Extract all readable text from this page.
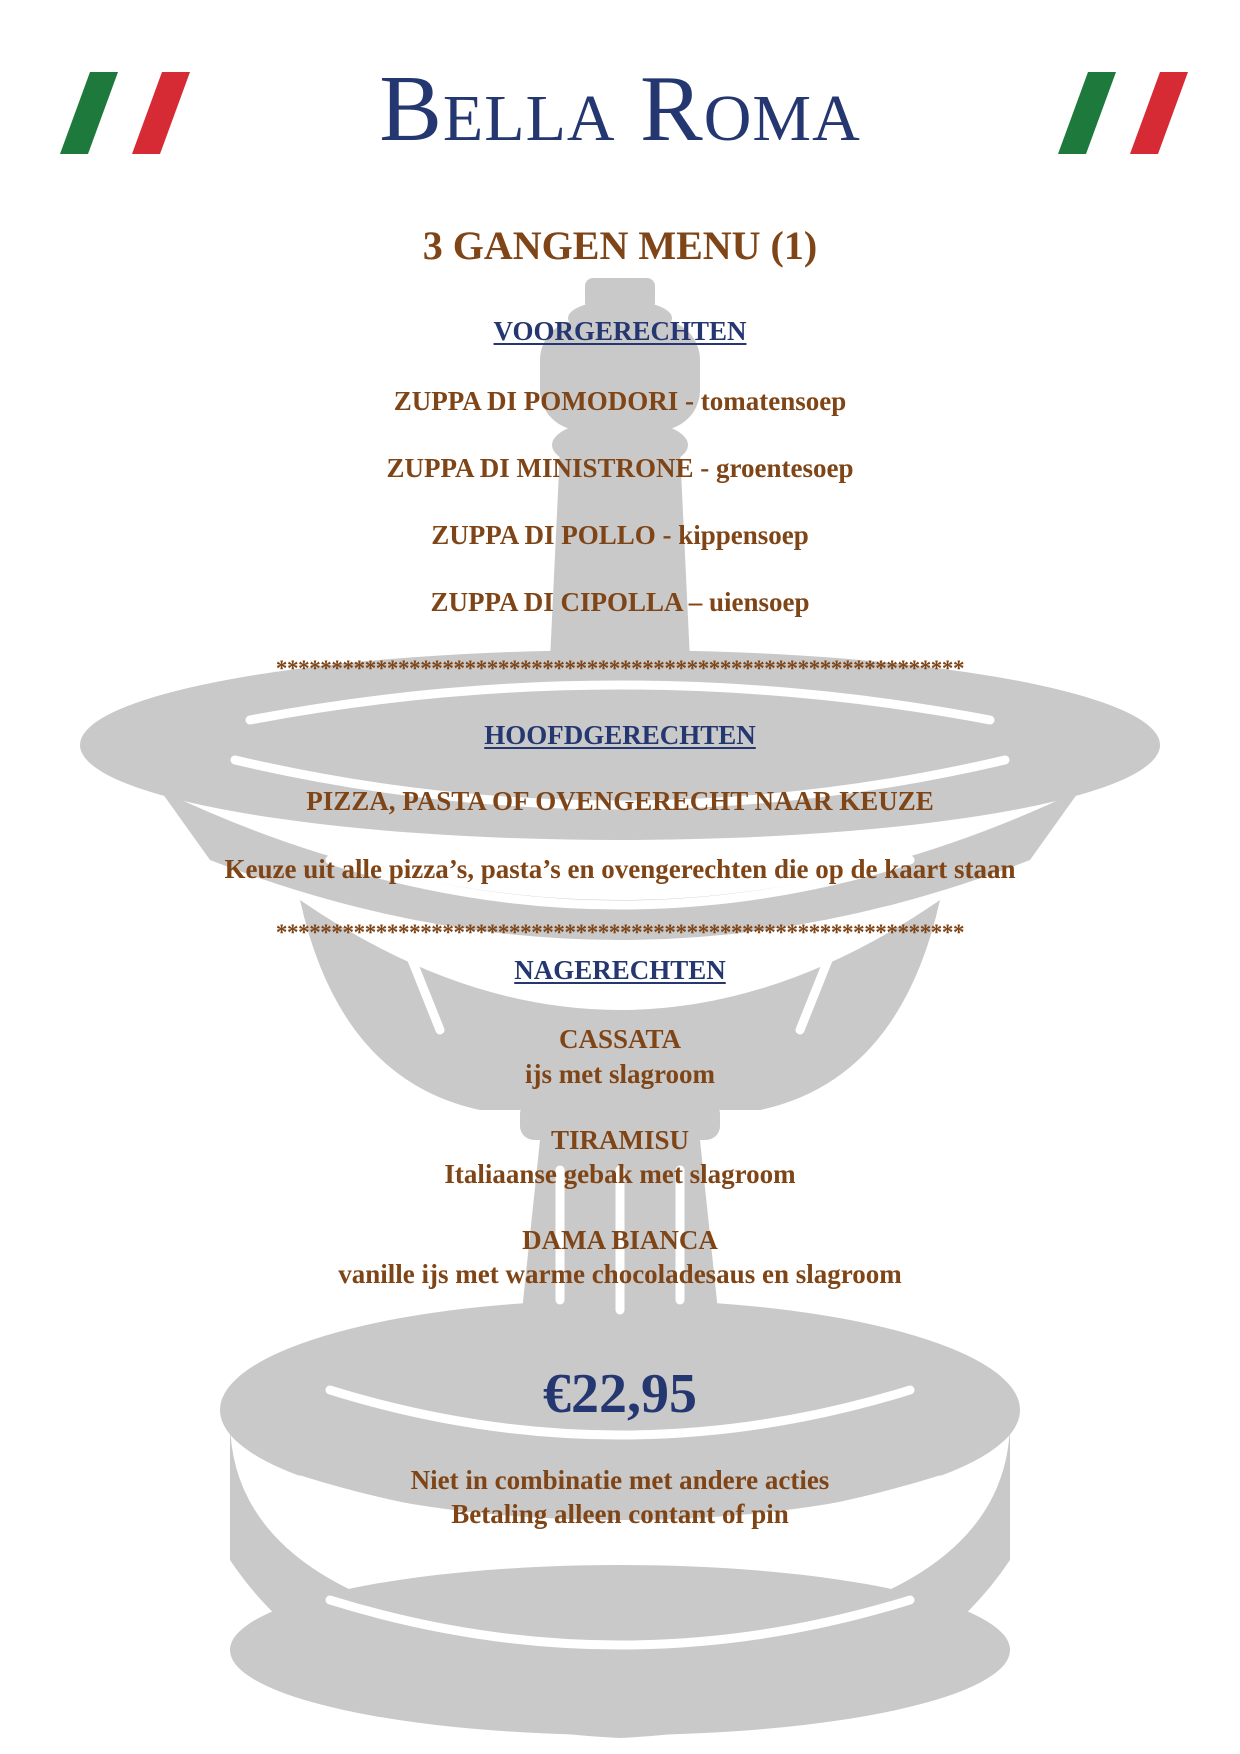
Bella Roma
3 GANGEN MENU (1)
VOORGERECHTEN
ZUPPA DI POMODORI - tomatensoep
ZUPPA DI MINISTRONE - groentesoep
ZUPPA DI POLLO - kippensoep
ZUPPA DI CIPOLLA – uiensoep
**************************************************************
HOOFDGERECHTEN
PIZZA, PASTA OF OVENGERECHT NAAR KEUZE
Keuze uit alle pizza’s, pasta’s en ovengerechten die op de kaart staan
**************************************************************
NAGERECHTEN
CASSATA
ijs met slagroom
TIRAMISU
Italiaanse gebak met slagroom
DAMA BIANCA
vanille ijs met warme chocoladesaus en slagroom
€22,95
Niet in combinatie met andere acties
Betaling alleen contant of pin
